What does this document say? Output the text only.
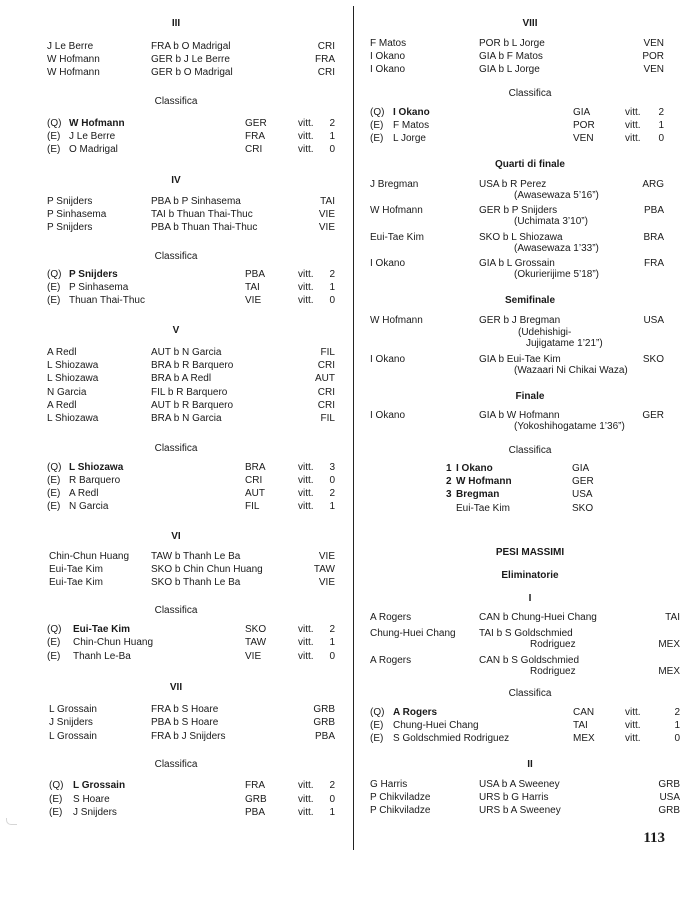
III
J Le Berre	FRA b O Madrigal	CRI
W Hofmann	GER b J Le Berre	FRA
W Hofmann	GER b O Madrigal	CRI
Classifica
(Q) W Hofmann	GER	vitt. 2
(E) J Le Berre	FRA	vitt. 1
(E) O Madrigal	CRI	vitt. 0
IV
P Snijders	PBA b P Sinhasema	TAI
P Sinhasema	TAI b Thuan Thai-Thuc	VIE
P Snijders	PBA b Thuan Thai-Thuc	VIE
Classifica
(Q) P Snijders	PBA	vitt. 2
(E) P Sinhasema	TAI	vitt. 1
(E) Thuan Thai-Thuc	VIE	vitt. 0
V
A Redl	AUT b N Garcia	FIL
L Shiozawa	BRA b R Barquero	CRI
L Shiozawa	BRA b A Redl	AUT
N Garcia	FIL b R Barquero	CRI
A Redl	AUT b R Barquero	CRI
L Shiozawa	BRA b N Garcia	FIL
Classifica
(Q) L Shiozawa	BRA	vitt. 3
(E) R Barquero	CRI	vitt. 0
(E) A Redl	AUT	vitt. 2
(E) N Garcia	FIL	vitt. 1
VI
Chin-Chun Huang TAW b Thanh Le Ba	VIE
Eui-Tae Kim	SKO b Chin Chun Huang	TAW
Eui-Tae Kim	SKO b Thanh Le Ba	VIE
Classifica
(Q) Eui-Tae Kim	SKO	vitt. 2
(E) Chin-Chun Huang	TAW	vitt. 1
(E) Thanh Le-Ba	VIE	vitt. 0
VII
L Grossain	FRA b S Hoare	GRB
J Snijders	PBA b S Hoare	GRB
L Grossain	FRA b J Snijders	PBA
Classifica
(Q) L Grossain	FRA	vitt. 2
(E) S Hoare	GRB	vitt. 0
(E) J Snijders	PBA	vitt. 1
VIII
F Matos	POR b L Jorge	VEN
I Okano	GIA b F Matos	POR
I Okano	GIA b L Jorge	VEN
Classifica
(Q) I Okano	GIA	vitt. 2
(E) F Matos	POR	vitt. 1
(E) L Jorge	VEN	vitt. 0
Quarti di finale
J Bregman	USA b R Perez	ARG
(Awasewaza 5’16”)
W Hofmann	GER b P Snijders	PBA
(Uchimata 3’10”)
Eui-Tae Kim	SKO b L Shiozawa	BRA
(Awasewaza 1’33”)
I Okano	GIA b L Grossain	FRA
(Okurierijime 5’18”)
Semifinale
W Hofmann	GER b J Bregman	USA
(Udehishigi-
Jujigatame 1’21”)
I Okano	GIA b Eui-Tae Kim	SKO
(Wazaari Ni Chikai Waza)
Finale
I Okano	GIA b W Hofmann	GER
(Yokoshihogatame 1’36”)
Classifica
1 I Okano	GIA
2 W Hofmann	GER
3 Bregman	USA
Eui-Tae Kim	SKO
PESI MASSIMI
Eliminatorie
I
A Rogers	CAN b Chung-Huei Chang	TAI
Chung-Huei Chang TAI b S Goldschmied
Rodriguez	MEX
A Rogers	CAN b S Goldschmied
Rodriguez	MEX
Classifica
(Q) A Rogers	CAN	vitt.	2
(E) Chung-Huei Chang	TAI	vitt.	1
(E) S Goldschmied Rodriguez	MEX	vitt.	0
II
G Harris	USA b A Sweeney	GRB
P Chikviladze	URS b G Harris	USA
P Chikviladze	URS b A Sweeney	GRB
113
